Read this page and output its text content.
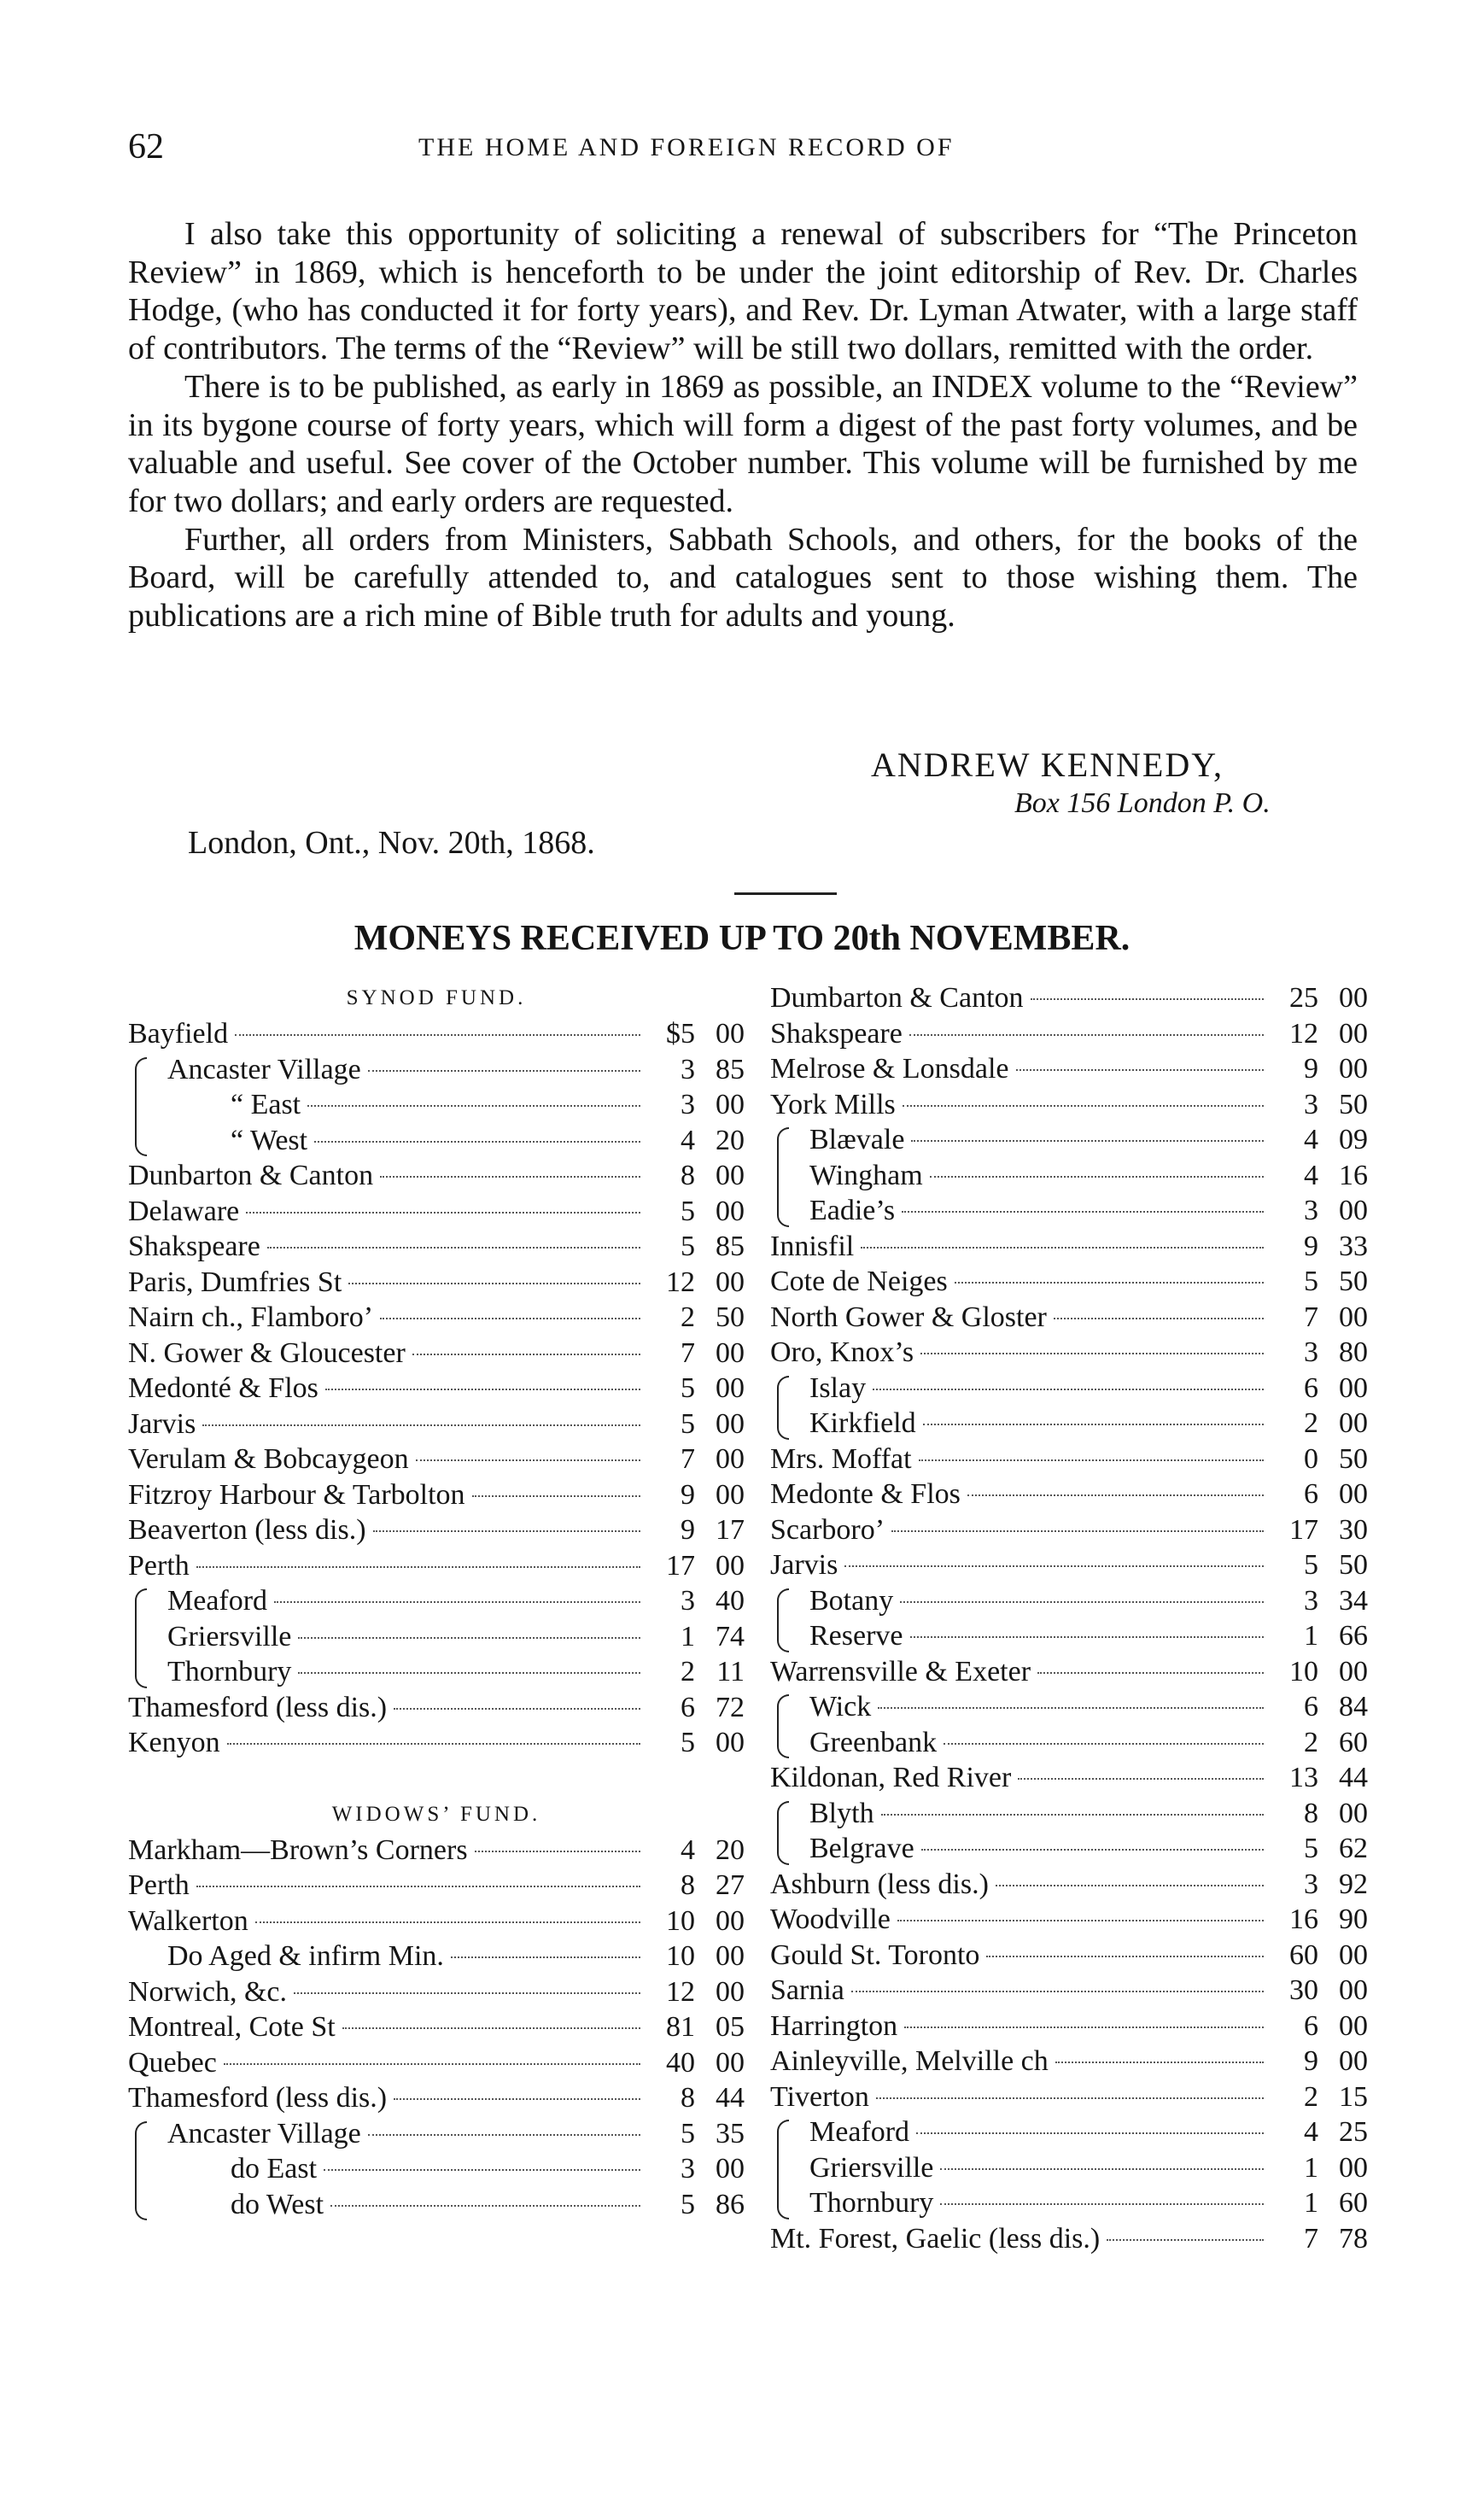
62	THE HOME AND FOREIGN RECORD OF

I also take this opportunity of soliciting a renewal of subscribers for “The Princeton Review” in 1869, which is henceforth to be under the joint editorship of Rev. Dr. Charles Hodge, (who has conducted it for forty years), and Rev. Dr. Lyman Atwater, with a large staff of contributors. The terms of the “Review” will be still two dollars, remitted with the order.

There is to be published, as early in 1869 as possible, an INDEX volume to the “Review” in its bygone course of forty years, which will form a digest of the past forty volumes, and be valuable and useful. See cover of the October number. This volume will be furnished by me for two dollars; and early orders are requested.

Further, all orders from Ministers, Sabbath Schools, and others, for the books of the Board, will be carefully attended to, and catalogues sent to those wishing them. The publications are a rich mine of Bible truth for adults and young.

ANDREW KENNEDY,
Box 156 London P. O.
London, Ont., Nov. 20th, 1868.
MONEYS RECEIVED UP TO 20th NOVEMBER.
SYNOD FUND.
Bayfield	$5 00
Ancaster Village	3 85
“ East	3 00
“ West	4 20
Dunbarton & Canton	8 00
Delaware	5 00
Shakspeare	5 85
Paris, Dumfries St	12 00
Nairn ch., Flamboro’	2 50
N. Gower & Gloucester	7 00
Medonté & Flos	5 00
Jarvis	5 00
Verulam & Bobcaygeon	7 00
Fitzroy Harbour & Tarbolton	9 00
Beaverton (less dis.)	9 17
Perth	17 00
Meaford	3 40
Griersville	1 74
Thornbury	2 11
Thamesford (less dis.)	6 72
Kenyon	5 00
WIDOWS’ FUND.
Markham—Brown’s Corners	4 20
Perth	8 27
Walkerton	10 00
Do Aged & infirm Min.	10 00
Norwich, &c.	12 00
Montreal, Cote St	81 05
Quebec	40 00
Thamesford (less dis.)	8 44
Ancaster Village	5 35
do East	3 00
do West	5 86
Dumbarton & Canton	25 00
Shakspeare	12 00
Melrose & Lonsdale	9 00
York Mills	3 50
Blævale	4 09
Wingham	4 16
Eadie’s	3 00
Innisfil	9 33
Cote de Neiges	5 50
North Gower & Gloster	7 00
Oro, Knox’s	3 80
Islay	6 00
Kirkfield	2 00
Mrs. Moffat	0 50
Medonte & Flos	6 00
Scarboro’	17 30
Jarvis	5 50
Botany	3 34
Reserve	1 66
Warrensville & Exeter	10 00
Wick	6 84
Greenbank	2 60
Kildonan, Red River	13 44
Blyth	8 00
Belgrave	5 62
Ashburn (less dis.)	3 92
Woodville	16 90
Gould St. Toronto	60 00
Sarnia	30 00
Harrington	6 00
Ainleyville, Melville ch	9 00
Tiverton	2 15
Meaford	4 25
Griersville	1 00
Thornbury	1 60
Mt. Forest, Gaelic (less dis.)	7 78
